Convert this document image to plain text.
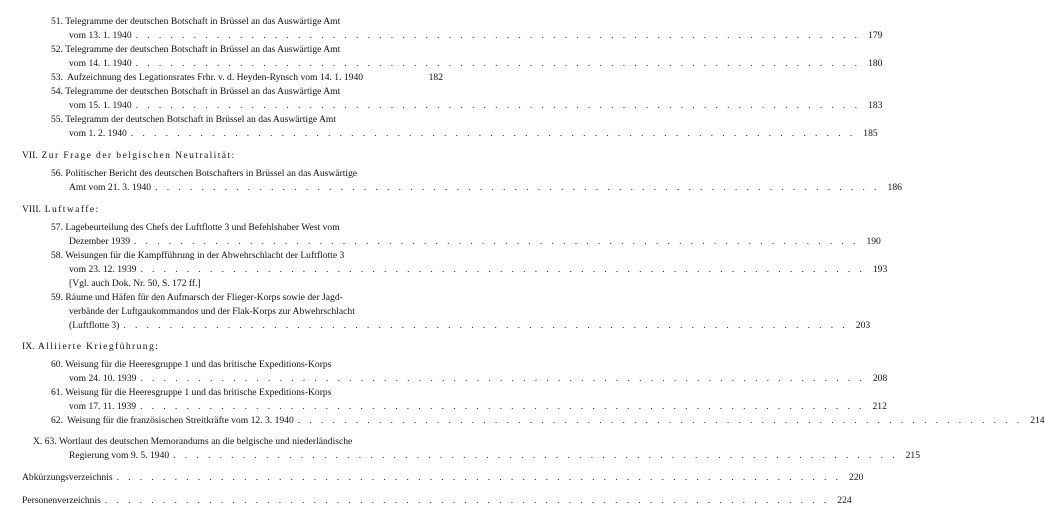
51. Telegramme der deutschen Botschaft in Brüssel an das Auswärtige Amt
vom 13. 1. 1940 . . . . . . . . . . . . . . . . . . . . . . . . . . . . . . . . . . . . . . . . . . . . . . . . . . . . . . . . . . . . . . . 179
52. Telegramme der deutschen Botschaft in Brüssel an das Auswärtige Amt
vom 14. 1. 1940 . . . . . . . . . . . . . . . . . . . . . . . . . . . . . . . . . . . . . . . . . . . . . . . . . . . . . . . . . . . . . . . 180
53. Aufzeichnung des Legationsrates Frhr. v. d. Heyden-Rynsch vom 14. 1. 1940	182
54. Telegramme der deutschen Botschaft in Brüssel an das Auswärtige Amt
vom 15. 1. 1940 . . . . . . . . . . . . . . . . . . . . . . . . . . . . . . . . . . . . . . . . . . . . . . . . . . . . . . . . . . . . . . . 183
55. Telegramm der deutschen Botschaft in Brüssel an das Auswärtige Amt
vom 1. 2. 1940 . . . . . . . . . . . . . . . . . . . . . . . . . . . . . . . . . . . . . . . . . . . . . . . . . . . . . . . . . . . . . . . 185
VII. Zur Frage der belgischen Neutralität:
56. Politischer Bericht des deutschen Botschafters in Brüssel an das Auswärtige
Amt vom 21. 3. 1940 . . . . . . . . . . . . . . . . . . . . . . . . . . . . . . . . . . . . . . . . . . . . . . . . . . . . . . . . . . . . . . . 186
VIII. Luftwaffe:
57. Lagebeurteilung des Chefs der Luftflotte 3 und Befehlshaber West vom
Dezember 1939 . . . . . . . . . . . . . . . . . . . . . . . . . . . . . . . . . . . . . . . . . . . . . . . . . . . . . . . . . . . . . . . 190
58. Weisungen für die Kampfführung in der Abwehrschlacht der Luftflotte 3
vom 23. 12. 1939 . . . . . . . . . . . . . . . . . . . . . . . . . . . . . . . . . . . . . . . . . . . . . . . . . . . . . . . . . . . . . . . 193
[Vgl. auch Dok. Nr. 50, S. 172 ff.]
59. Räume und Häfen für den Aufmarsch der Flieger-Korps sowie der Jagd-
verbände der Luftgaukommandos und der Flak-Korps zur Abwehrschlacht
(Luftflotte 3) . . . . . . . . . . . . . . . . . . . . . . . . . . . . . . . . . . . . . . . . . . . . . . . . . . . . . . . . . . . . . . . 203
IX. Alliierte Kriegführung:
60. Weisung für die Heeresgruppe 1 und das britische Expeditions-Korps
vom 24. 10. 1939 . . . . . . . . . . . . . . . . . . . . . . . . . . . . . . . . . . . . . . . . . . . . . . . . . . . . . . . . . . . . . . . 208
61. Weisung für die Heeresgruppe 1 und das britische Expeditions-Korps
vom 17. 11. 1939 . . . . . . . . . . . . . . . . . . . . . . . . . . . . . . . . . . . . . . . . . . . . . . . . . . . . . . . . . . . . . . . 212
62. Weisung für die französischen Streitkräfte vom 12. 3. 1940 . . . . . . . . . . . . . . . . . . . . . . . . . . . . . . . . . . . . . . . . . . . . . . . . . . . . . . . . . . . . . . . 214
X. 63. Wortlaut des deutschen Memorandums an die belgische und niederländische
Regierung vom 9. 5. 1940 . . . . . . . . . . . . . . . . . . . . . . . . . . . . . . . . . . . . . . . . . . . . . . . . . . . . . . . . . . . . . . . 215
Abkürzungsverzeichnis . . . . . . . . . . . . . . . . . . . . . . . . . . . . . . . . . . . . . . . . . . . . . . . . . . . . . . . . . . . . . . . 220
Personenverzeichnis . . . . . . . . . . . . . . . . . . . . . . . . . . . . . . . . . . . . . . . . . . . . . . . . . . . . . . . . . . . . . . . 224
